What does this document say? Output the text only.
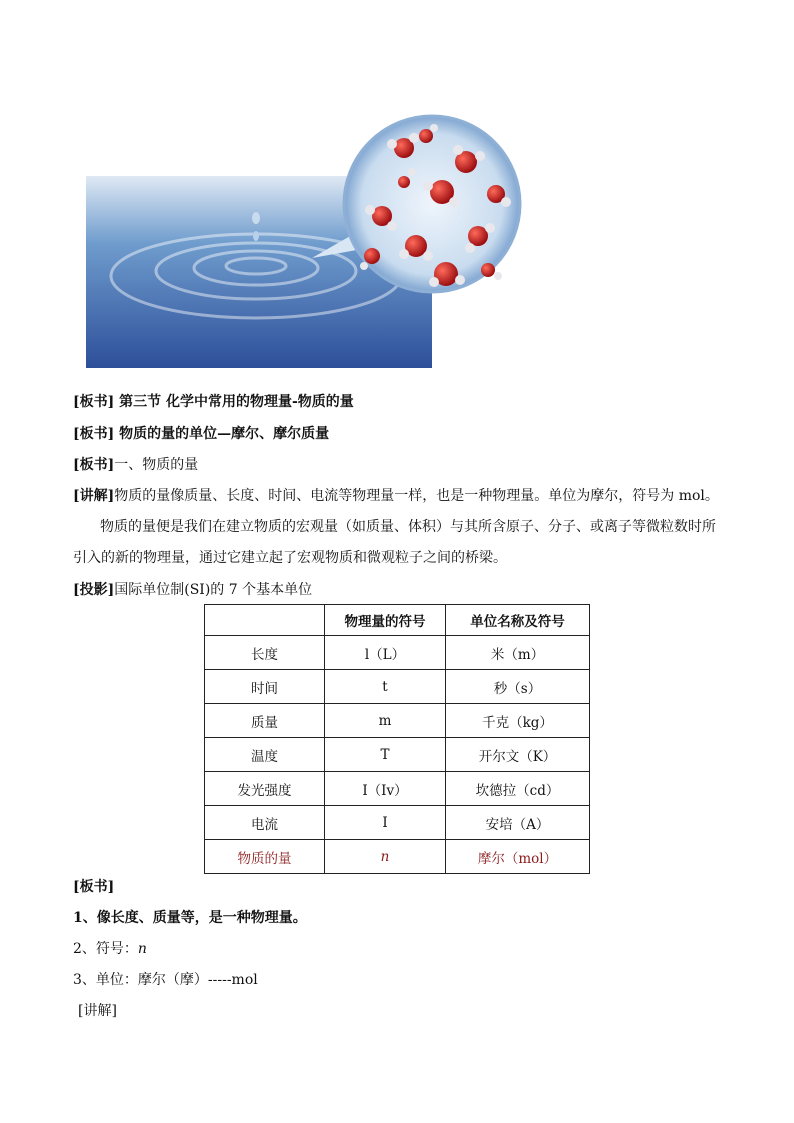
[板书] 第三节 化学中常用的物理量-物质的量
[板书] 物质的量的单位—摩尔、摩尔质量
[板书]一、物质的量
[讲解]物质的量像质量、长度、时间、电流等物理量一样，也是一种物理量。单位为摩尔，符号为 mol。
物质的量便是我们在建立物质的宏观量（如质量、体积）与其所含原子、分子、或离子等微粒数时所
引入的新的物理量，通过它建立起了宏观物质和微观粒子之间的桥梁。
[投影]国际单位制(SI)的 7 个基本单位
	物理量的符号	单位名称及符号
长度	l（L）	米（m）
时间	t	秒（s）
质量	m	千克（kg）
温度	T	开尔文（K）
发光强度	I（Iv）	坎德拉（cd）
电流	I	安培（A）
物质的量	n	摩尔（mol）
[板书]
1、像长度、质量等，是一种物理量。
2、符号：n
3、单位：摩尔（摩）-----mol
[讲解]
